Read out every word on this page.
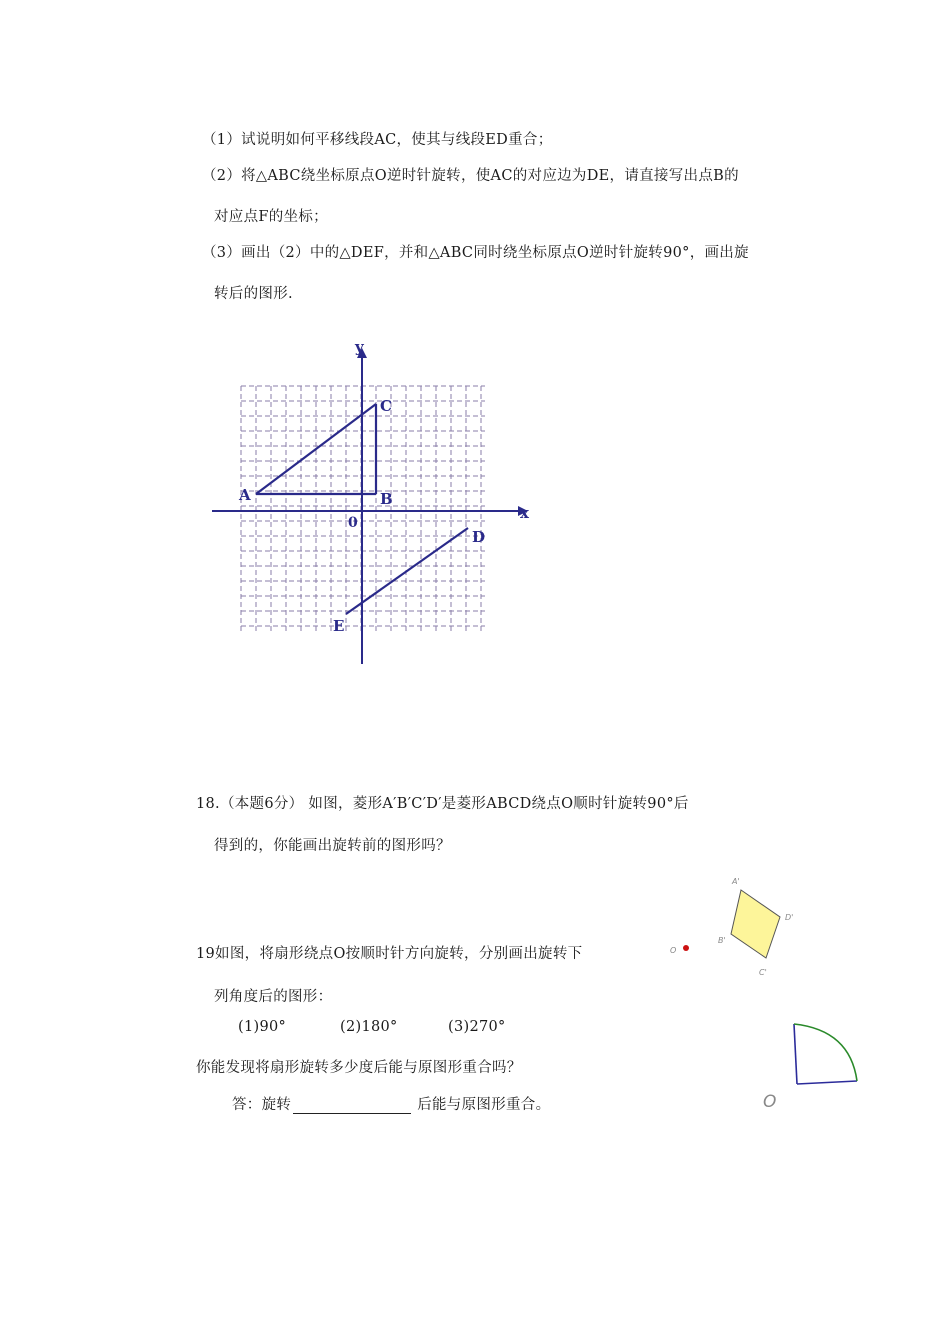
（1）试说明如何平移线段AC，使其与线段ED重合；
（2）将△ABC绕坐标原点O逆时针旋转，使AC的对应边为DE，请直接写出点B的
对应点F的坐标；
（3）画出（2）中的△DEF，并和△ABC同时绕坐标原点O逆时针旋转90°，画出旋
转后的图形.
y
x
0
A	B
C
D
E
18.（本题6分） 如图，菱形A′B′C′D′是菱形ABCD绕点O顺时针旋转90°后
得到的，你能画出旋转前的图形吗？
O
A'
D'
B'
C'
19如图，将扇形绕点O按顺时针方向旋转，分别画出旋转下
列角度后的图形：
(1)90°	(2)180°	(3)270°
你能发现将扇形旋转多少度后能与原图形重合吗？
答：旋转	后能与原图形重合。	O
